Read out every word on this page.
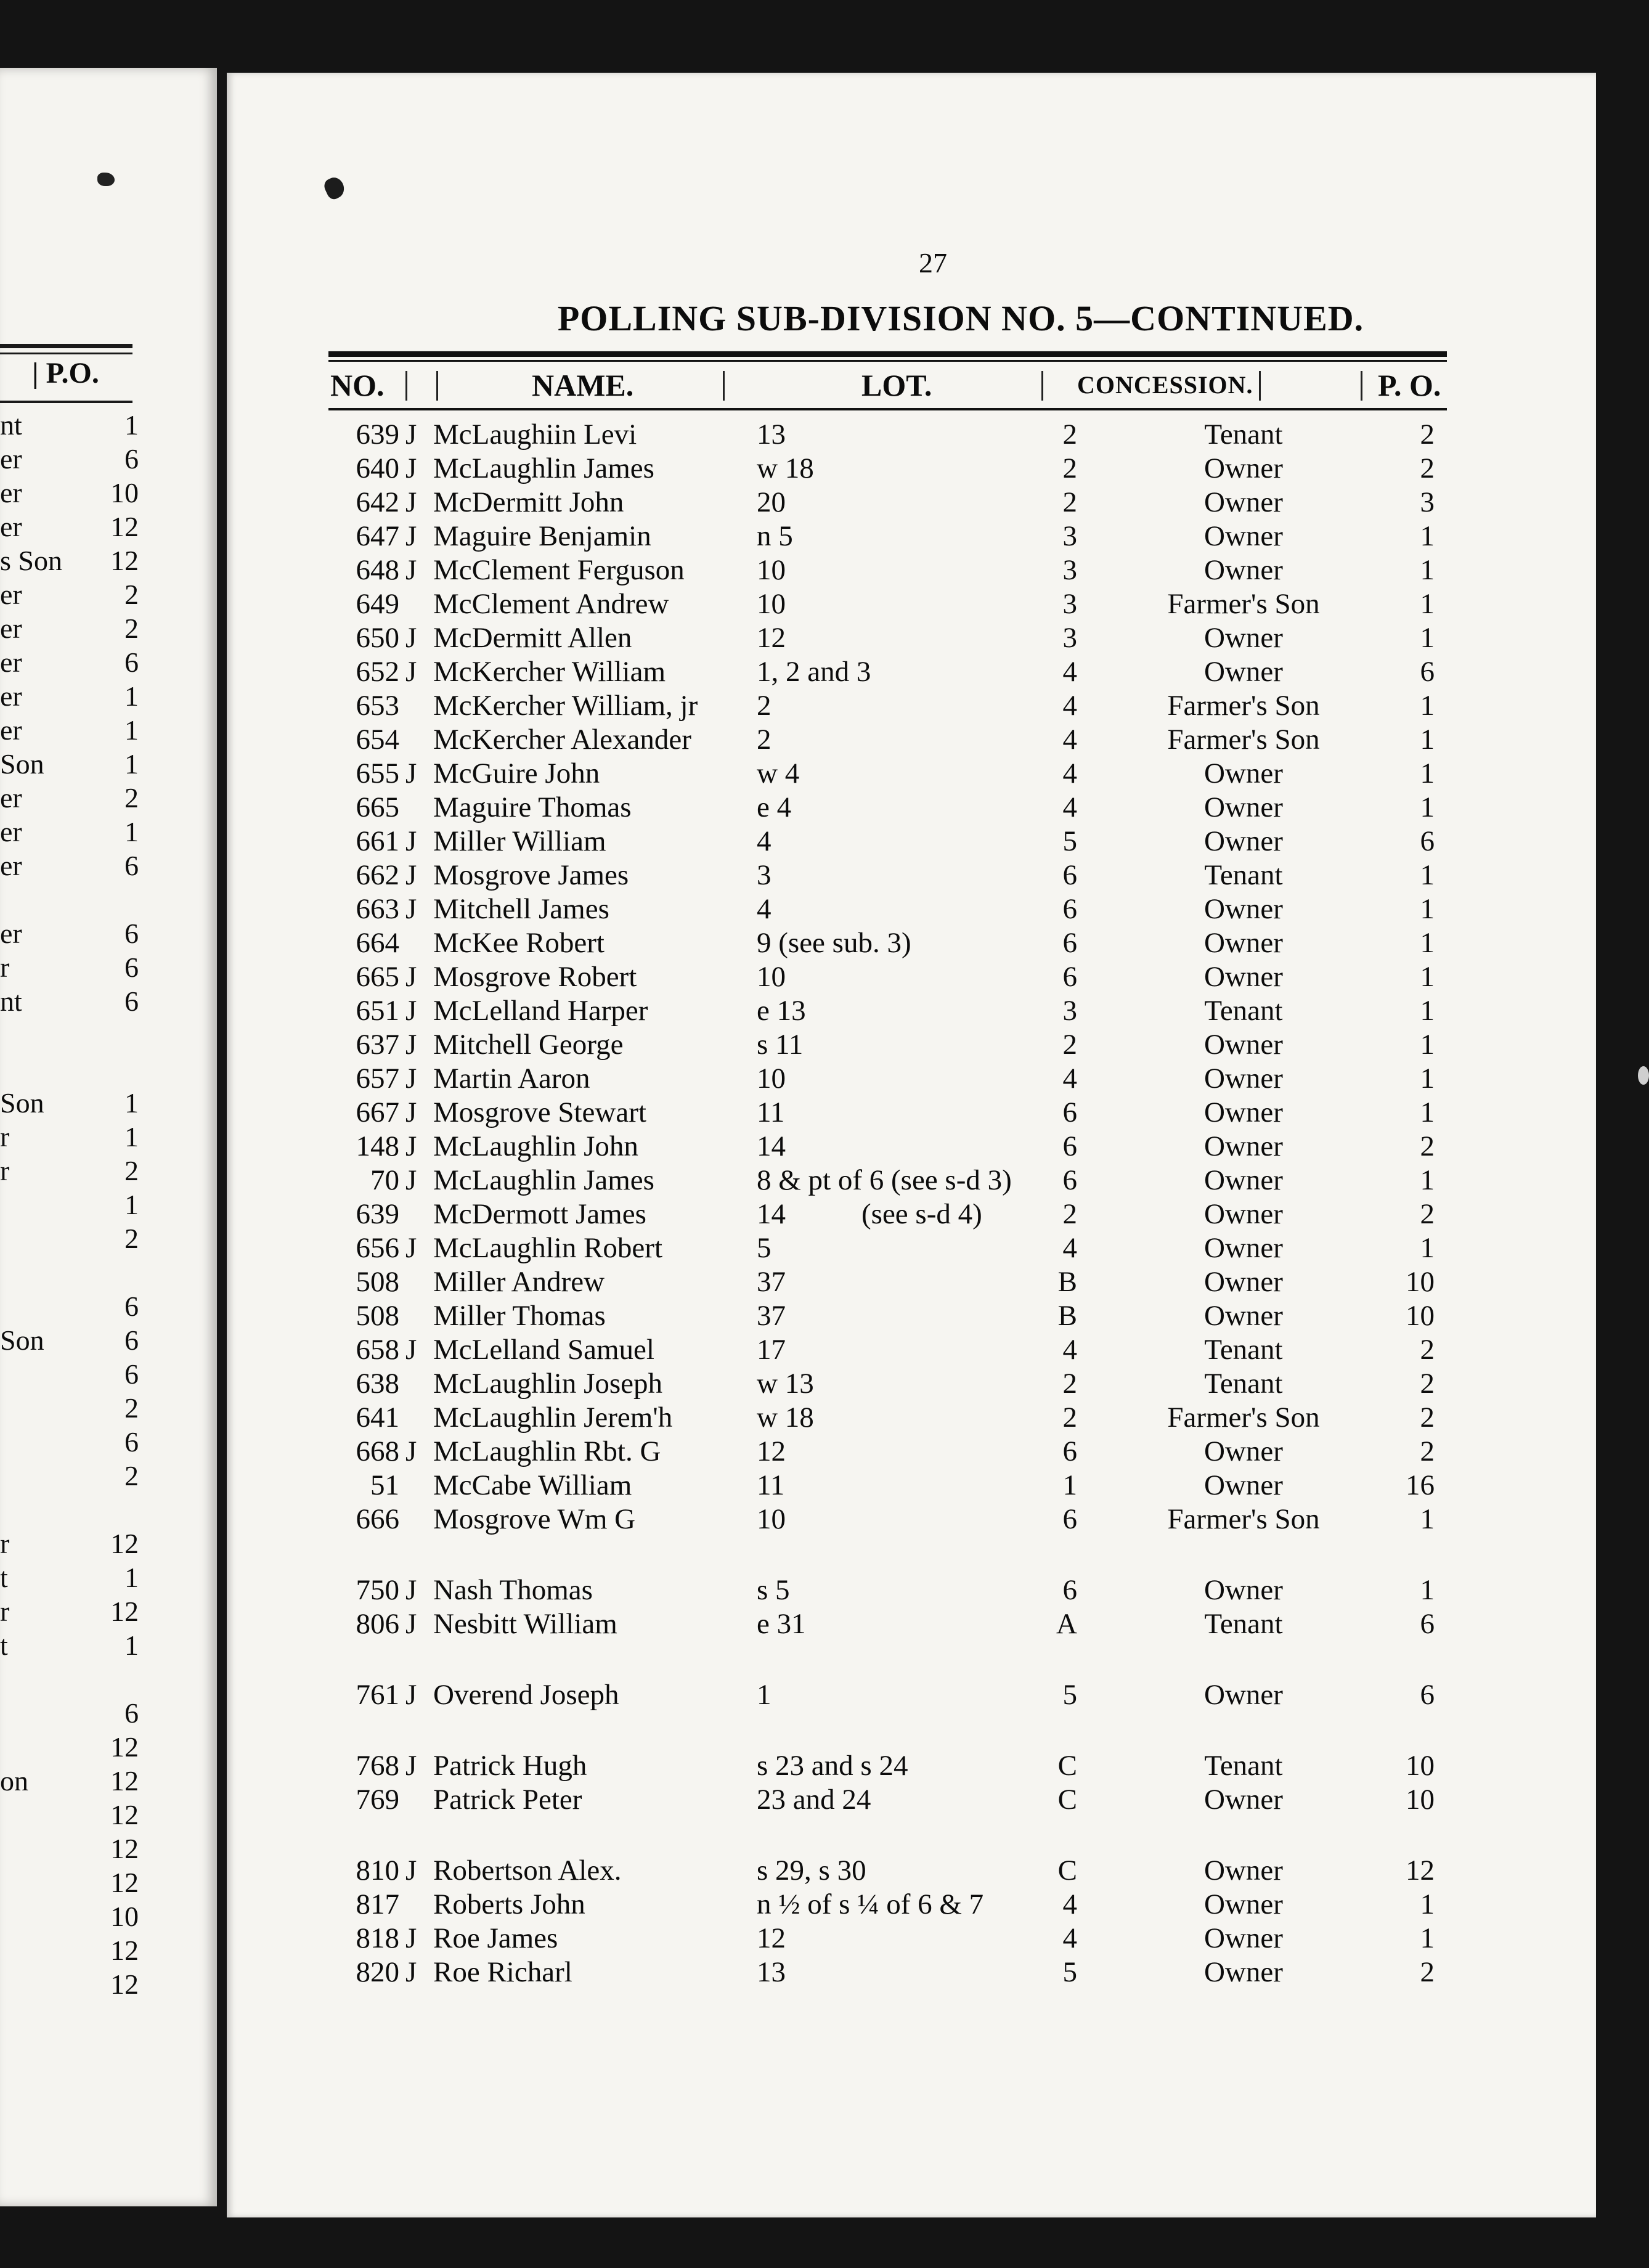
| P.O.
nt	1
er	6
er	10
er	12
s Son 12
er	2
er	2
er	6
er	1
er	1
Son	1
er	2
er	1
er	6
er	6
r	6
nt	6
Son	1
r	1
r	2
1
2
6
Son	6
6
2
6
2
r	12
t	1
r	12
t	1
6
12
on	12
12
12
12
10
12
12
27
POLLING SUB-DIVISION NO. 5—CONTINUED.
NO.	NAME.	LOT.	CONCESSION.	P. O.
639 J McLaughiin Levi	13	2	Tenant	2
640 J McLaughlin James	w 18	2	Owner	2
642 J McDermitt John	20	2	Owner	3
647 J Maguire Benjamin	n 5	3	Owner	1
648 J McClement Ferguson 10	3	Owner	1
649 McClement Andrew	10	3	Farmer's Son	1
650 J McDermitt Allen	12	3	Owner	1
652 J McKercher William	1, 2 and 3	4	Owner	6
653 McKercher William, jr 2	4	Farmer's Son	1
654 McKercher Alexander 2	4	Farmer's Son	1
655 J McGuire John	w 4	4	Owner	1
665 Maguire Thomas	e 4	4	Owner	1
661 J Miller William	4	5	Owner	6
662 J Mosgrove James	3	6	Tenant	1
663 J Mitchell James	4	6	Owner	1
664 McKee Robert	9 (see sub. 3)	6	Owner	1
665 J Mosgrove Robert	10	6	Owner	1
651 J McLelland Harper	e 13	3	Tenant	1
637 J Mitchell George	s 11	2	Owner	1
657 J Martin Aaron	10	4	Owner	1
667 J Mosgrove Stewart	11	6	Owner	1
148 J McLaughlin John	14	6	Owner	2
70 J McLaughlin James	8 & pt of 6 (see s-d 3)	6	Owner	1
639 McDermott James	14	2	Owner	2
(see s-d 4)
656 J McLaughlin Robert	5	4	Owner	1
508 Miller Andrew	37	B	Owner	10
508 Miller Thomas	37	B	Owner	10
658 J McLelland Samuel	17	4	Tenant	2
638 McLaughlin Joseph	w 13	2	Tenant	2
641 McLaughlin Jerem'h	w 18	2	Farmer's Son	2
668 J McLaughlin Rbt. G	12	6	Owner	2
51 McCabe William	11	1	Owner	16
666 Mosgrove Wm G	10	6	Farmer's Son	1
750 J Nash Thomas	s 5	6	Owner	1
806 J Nesbitt William	e 31	A	Tenant	6
761 J Overend Joseph	1	5	Owner	6
768 J Patrick Hugh	s 23 and s 24	C	Tenant	10
769 Patrick Peter	23 and 24	C	Owner	10
810 J Robertson Alex.	s 29, s 30	C	Owner	12
817 Roberts John	n ½ of s ¼ of 6 & 7	4	Owner	1
818 J Roe James	12	4	Owner	1
820 J Roe Richarl	13	5	Owner	2
